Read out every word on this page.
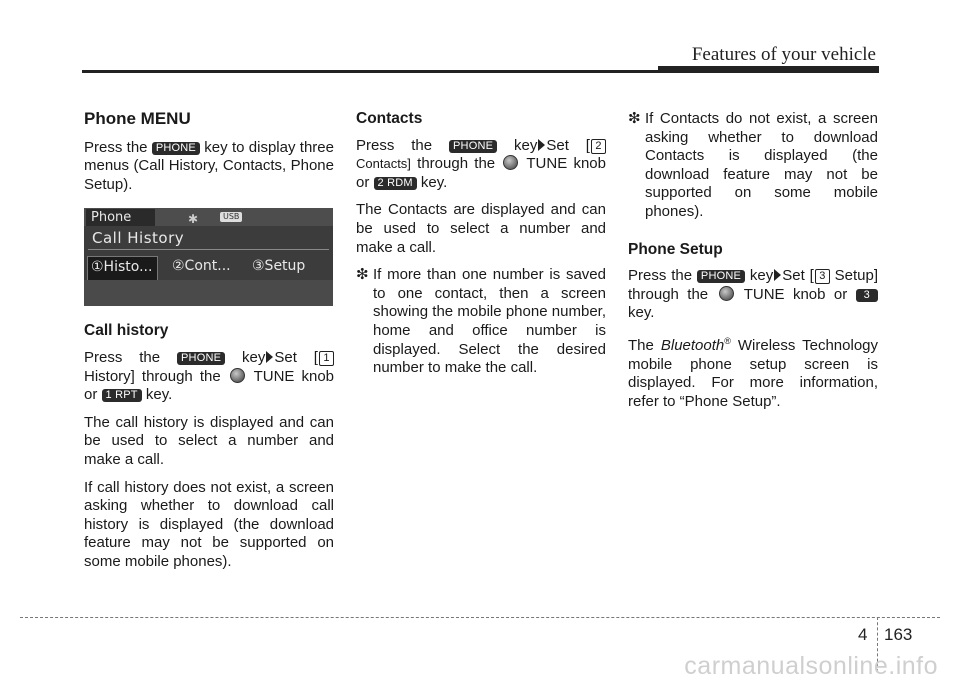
Features of your vehicle
Phone MENU

Press the PHONE key to display three menus (Call History, Contacts, Phone Setup).

Phone	✱	USB
Call History
①Histo...	②Cont... ③Setup
Call history

Press the PHONE key Set [ 1 History] through the TUNE knob or 1 RPT key.

The call history is displayed and can be used to select a number and make a call.

If call history does not exist, a screen asking whether to download call history is displayed (the download feature may not be supported on some mobile phones).

Contacts

Press the PHONE key Set [ 2 Contacts] through the TUNE knob or 2 RDM key.

The Contacts are displayed and can be used to select a number and make a call.

❇ If more than one number is saved to one contact, then a screen showing the mobile phone number, home and office number is displayed. Select the desired number to make the call.

❇ If Contacts do not exist, a screen asking whether to download Contacts is displayed (the download feature may not be supported on some mobile phones).

Phone Setup

Press the PHONE key Set [ 3 Setup] through the TUNE knob or 3 key.

The Bluetooth® Wireless Technology mobile phone setup screen is displayed. For more information, refer to “Phone Setup”.

4 163
carmanualsonline.info
